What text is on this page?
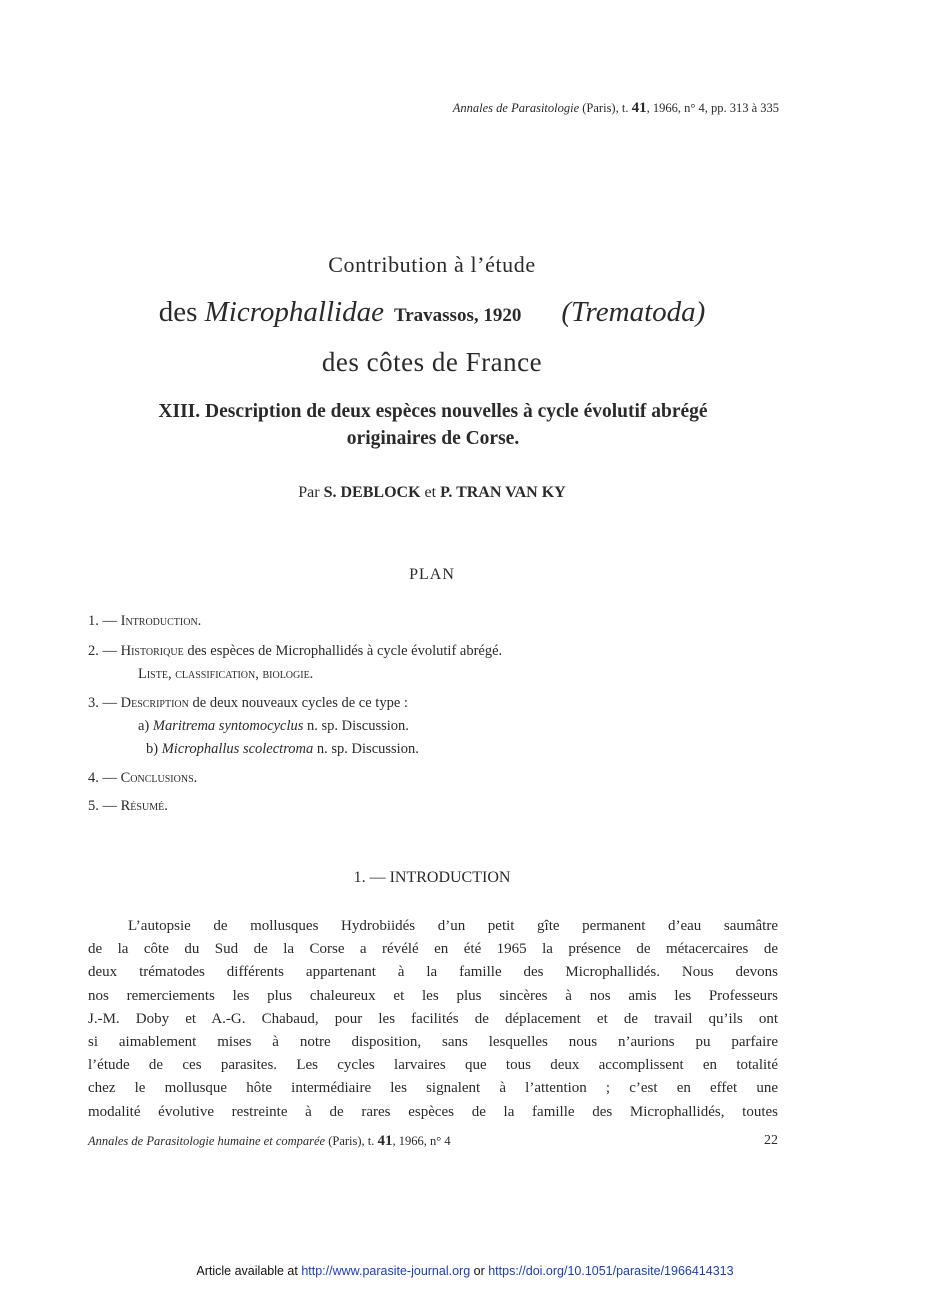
Annales de Parasitologie (Paris), t. 41, 1966, n° 4, pp. 313 à 335
Contribution à l’étude
des Microphallidae Travassos, 1920 (Trematoda)
des côtes de France
XIII. Description de deux espèces nouvelles à cycle évolutif abrégé
originaires de Corse.
Par S. DEBLOCK et P. TRAN VAN KY
PLAN
1. — Introduction.
2. — Historique des espèces de Microphallidés à cycle évolutif abrégé.
Liste, classification, biologie.
3. — Description de deux nouveaux cycles de ce type :
a) Maritrema syntomocyclus n. sp. Discussion.
b) Microphallus scolectroma n. sp. Discussion.
4. — Conclusions.
5. — Résumé.
1. — INTRODUCTION
L’autopsie de mollusques Hydrobiidés d’un petit gîte permanent d’eau saumâtre
de la côte du Sud de la Corse a révélé en été 1965 la présence de métacercaires de
deux trématodes différents appartenant à la famille des Microphallidés. Nous devons
nos remerciements les plus chaleureux et les plus sincères à nos amis les Professeurs
J.-M. Doby et A.-G. Chabaud, pour les facilités de déplacement et de travail qu’ils ont
si aimablement mises à notre disposition, sans lesquelles nous n’aurions pu parfaire
l’étude de ces parasites. Les cycles larvaires que tous deux accomplissent en totalité
chez le mollusque hôte intermédiaire les signalent à l’attention ; c’est en effet une
modalité évolutive restreinte à de rares espèces de la famille des Microphallidés, toutes
Annales de Parasitologie humaine et comparée (Paris), t. 41, 1966, n° 4	22
Article available at http://www.parasite-journal.org or https://doi.org/10.1051/parasite/1966414313
